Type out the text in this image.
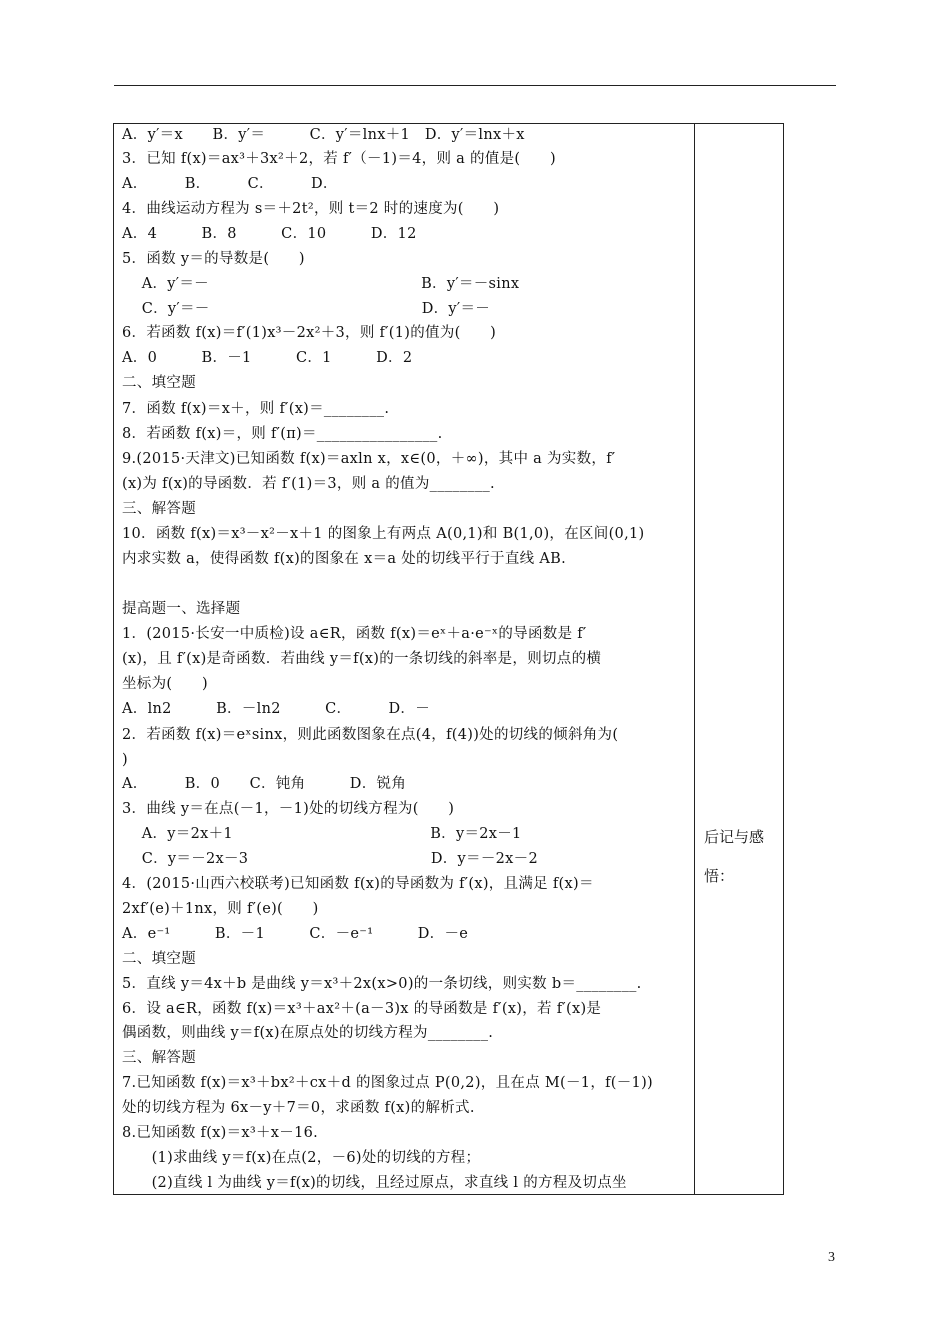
后记与感
悟：
A．y′＝x　　B．y′＝　　　C．y′＝lnx＋1　D．y′＝lnx＋x
3．已知 f(x)＝ax³＋3x²＋2，若 f′（－1)＝4，则 a 的值是(　　)
A．　　　B．　　　C．　　　D．
4．曲线运动方程为 s＝＋2t²，则 t＝2 时的速度为(　　)
A．4　　　B．8　　　C．10　　　D．12
5．函数 y＝的导数是(　　)
　 A．y′＝－　　　　　　　　　　　　　　 B．y′＝－sinx
　 C．y′＝－　　　　　　　　　　　　　　 D．y′＝－
6．若函数 f(x)＝f′(1)x³－2x²＋3，则 f′(1)的值为(　　)
A．0　　　B．－1　　　C．1　　　D．2
二、填空题
7．函数 f(x)＝x＋，则 f′(x)＝________.
8．若函数 f(x)＝，则 f′(π)＝________________.
9.(2015·天津文)已知函数 f(x)＝axln x，x∈(0，＋∞)，其中 a 为实数，f′
(x)为 f(x)的导函数．若 f′(1)＝3，则 a 的值为________.
三、解答题
10．函数 f(x)＝x³－x²－x＋1 的图象上有两点 A(0,1)和 B(1,0)，在区间(0,1)
内求实数 a，使得函数 f(x)的图象在 x＝a 处的切线平行于直线 AB.
提高题一、选择题
1．(2015·长安一中质检)设 a∈R，函数 f(x)＝eˣ＋a·e⁻ˣ的导函数是 f′
(x)，且 f′(x)是奇函数．若曲线 y＝f(x)的一条切线的斜率是，则切点的横
坐标为(　　)
A．ln2　　　B．－ln2　　　C．　　　D．－
2．若函数 f(x)＝eˣsinx，则此函数图象在点(4，f(4))处的切线的倾斜角为(
)
A．　　　B．0　　C．钝角　　　D．锐角
3．曲线 y＝在点(－1，－1)处的切线方程为(　　)
　 A．y＝2x＋1　　　　　　　　　　　　　 B．y＝2x－1
　 C．y＝－2x－3　　　　　　　　　　　　 D．y＝－2x－2
4．(2015·山西六校联考)已知函数 f(x)的导函数为 f′(x)，且满足 f(x)＝
2xf′(e)＋1nx，则 f′(e)(　　)
A．e⁻¹　　　B．－1　　　C．－e⁻¹　　　D．－e
二、填空题
5．直线 y＝4x＋b 是曲线 y＝x³＋2x(x>0)的一条切线，则实数 b＝________.
6．设 a∈R，函数 f(x)＝x³＋ax²＋(a－3)x 的导函数是 f′(x)，若 f′(x)是
偶函数，则曲线 y＝f(x)在原点处的切线方程为________.
三、解答题
7.已知函数 f(x)＝x³＋bx²＋cx＋d 的图象过点 P(0,2)，且在点 M(－1，f(－1))
处的切线方程为 6x－y＋7＝0，求函数 f(x)的解析式.
8.已知函数 f(x)＝x³＋x－16.
　　(1)求曲线 y＝f(x)在点(2，－6)处的切线的方程；
　　(2)直线 l 为曲线 y＝f(x)的切线，且经过原点，求直线 l 的方程及切点坐
3
